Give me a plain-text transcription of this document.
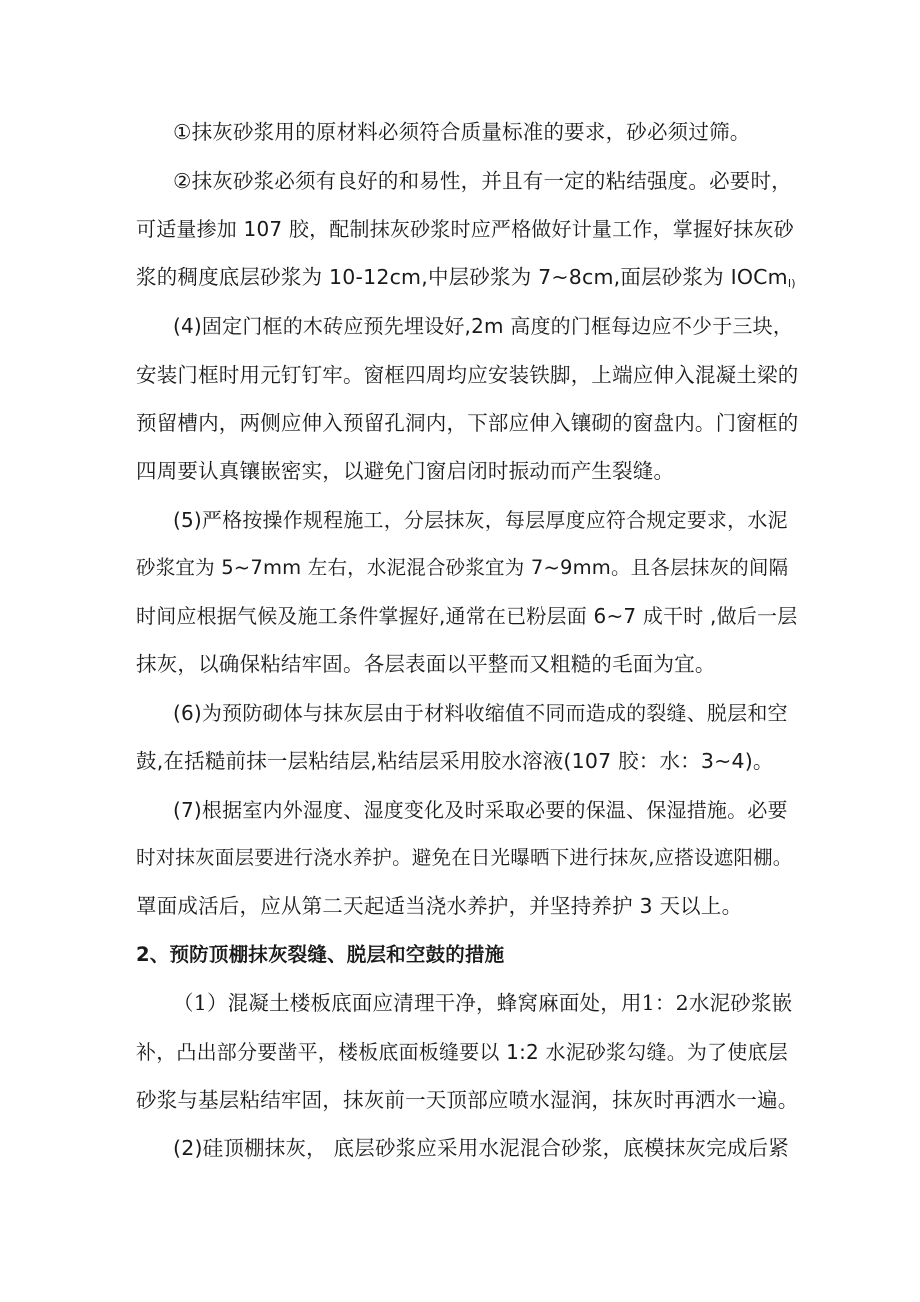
①抹灰砂浆用的原材料必须符合质量标准的要求，砂必须过筛。
②抹灰砂浆必须有良好的和易性，并且有一定的粘结强度。必要时，
可适量掺加 107 胶，配制抹灰砂浆时应严格做好计量工作，掌握好抹灰砂
浆的稠度底层砂浆为 10-12cm,中层砂浆为 7~8cm,面层砂浆为 IOCm$_{I)}$
(4)固定门框的木砖应预先埋设好,2m 高度的门框每边应不少于三块，
安装门框时用元钉钉牢。窗框四周均应安装铁脚，上端应伸入混凝土梁的
预留槽内，两侧应伸入预留孔洞内，下部应伸入镶砌的窗盘内。门窗框的
四周要认真镶嵌密实，以避免门窗启闭时振动而产生裂缝。
(5)严格按操作规程施工，分层抹灰，每层厚度应符合规定要求，水泥
砂浆宜为 5~7mm 左右，水泥混合砂浆宜为 7~9mm。且各层抹灰的间隔
时间应根据气候及施工条件掌握好,通常在已粉层面 6~7 成干时 ,做后一层
抹灰，以确保粘结牢固。各层表面以平整而又粗糙的毛面为宜。
(6)为预防砌体与抹灰层由于材料收缩值不同而造成的裂缝、脱层和空
鼓,在括糙前抹一层粘结层,粘结层采用胶水溶液(107 胶：水：3~4)。
(7)根据室内外湿度、湿度变化及时采取必要的保温、保湿措施。必要
时对抹灰面层要进行浇水养护。避免在日光曝晒下进行抹灰,应搭设遮阳棚。
罩面成活后，应从第二天起适当浇水养护，并坚持养护 3 天以上。
2、预防顶棚抹灰裂缝、脱层和空鼓的措施
（1）混凝土楼板底面应清理干净，蜂窝麻面处，用1：2水泥砂浆嵌
补，凸出部分要凿平，楼板底面板缝要以 1:2 水泥砂浆勾缝。为了使底层
砂浆与基层粘结牢固，抹灰前一天顶部应喷水湿润，抹灰时再洒水一遍。
(2)硅顶棚抹灰， 底层砂浆应采用水泥混合砂浆，底模抹灰完成后紧
